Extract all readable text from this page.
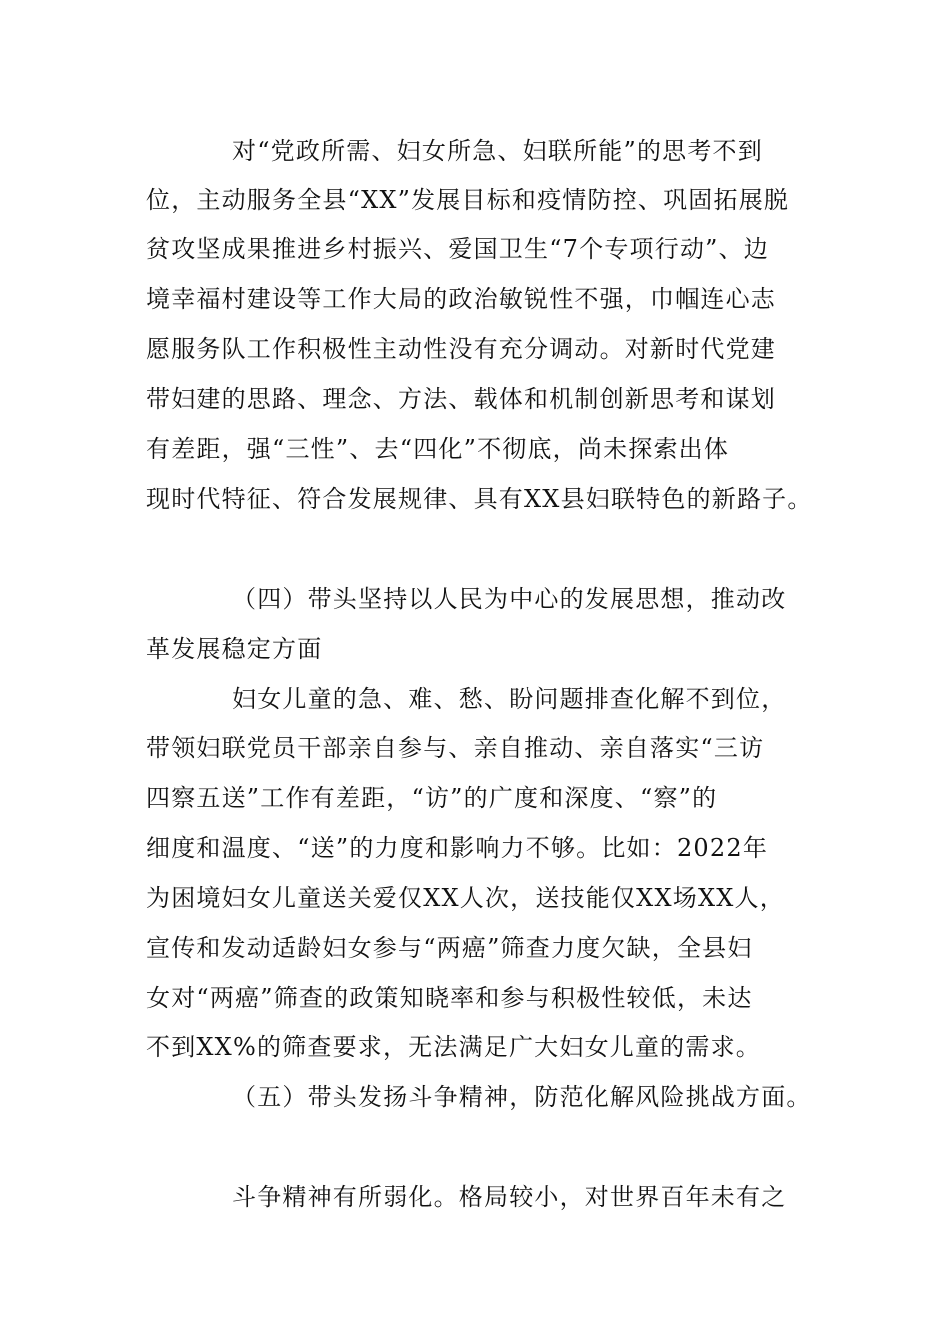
对“党政所需、妇女所急、妇联所能”的思考不到
位，主动服务全县“XX”发展目标和疫情防控、巩固拓展脱
贫攻坚成果推进乡村振兴、爱国卫生“7个专项行动”、边
境幸福村建设等工作大局的政治敏锐性不强，巾帼连心志
愿服务队工作积极性主动性没有充分调动。对新时代党建
带妇建的思路、理念、方法、载体和机制创新思考和谋划
有差距，强“三性”、去“四化”不彻底，尚未探索出体
现时代特征、符合发展规律、具有XX县妇联特色的新路子。
（四）带头坚持以人民为中心的发展思想，推动改
革发展稳定方面
妇女儿童的急、难、愁、盼问题排查化解不到位，
带领妇联党员干部亲自参与、亲自推动、亲自落实“三访
四察五送”工作有差距，“访”的广度和深度、“察”的
细度和温度、“送”的力度和影响力不够。比如：2022年
为困境妇女儿童送关爱仅XX人次，送技能仅XX场XX人，
宣传和发动适龄妇女参与“两癌”筛查力度欠缺，全县妇
女对“两癌”筛查的政策知晓率和参与积极性较低，未达
不到XX%的筛查要求，无法满足广大妇女儿童的需求。
（五）带头发扬斗争精神，防范化解风险挑战方面。
斗争精神有所弱化。格局较小，对世界百年未有之
